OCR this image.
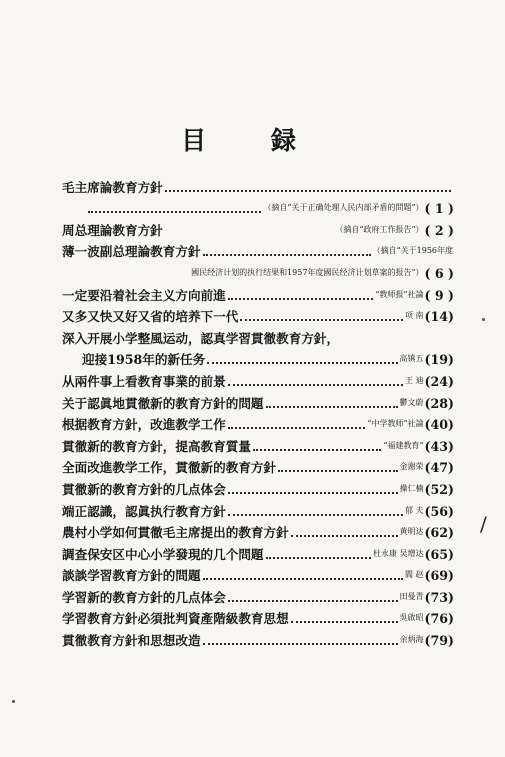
目 録
毛主席論教育方針
（摘自“关于正确处理人民内部矛盾的問題”） ( 1 )
周总理論教育方針	（摘自“政府工作报告”） ( 2 )
薄一波副总理論教育方針	（摘自“关于1956年度
國民经济计划的执行结果和1957年度國民经济计划草案的报告”） ( 6 )
一定要沿着社会主义方向前進	“教师报”社論 ( 9 )
又多又快又好又省的培养下一代	项 南 (14)
深入开展小学整風运动，認真学習貫徹教育方針，
迎接1958年的新任务	高镇五 (19)
从兩件事上看教育事業的前景	王 迪 (24)
关于認眞地貫徹新的教育方針的問題	鬱文蔚 (28)
根据教育方針，改進教学工作	“中学教师”社論 (40)
貫徹新的教育方針，提高教育質量	“福建教育” (43)
全面改進教学工作，貫徹新的教育方針	金谢荣 (47)
貫徹新的教育方針的几点体会	操仁楠 (52)
端正認識，認眞执行教育方針	郁 夫 (56)
農村小学如何貫徹毛主席提出的教育方針	黄明达 (62)
調查保安区中心小学發現的几个問題	杜永康 吴增达 (65)
談談学習教育方針的問題	閻 赵 (69)
学習新的教育方針的几点体会	田曼青 (73)
学習教育方針必須批判資產階級教育思想	吳啟昭 (76)
貫徹教育方針和思想改造	余炳海 (79)
/
